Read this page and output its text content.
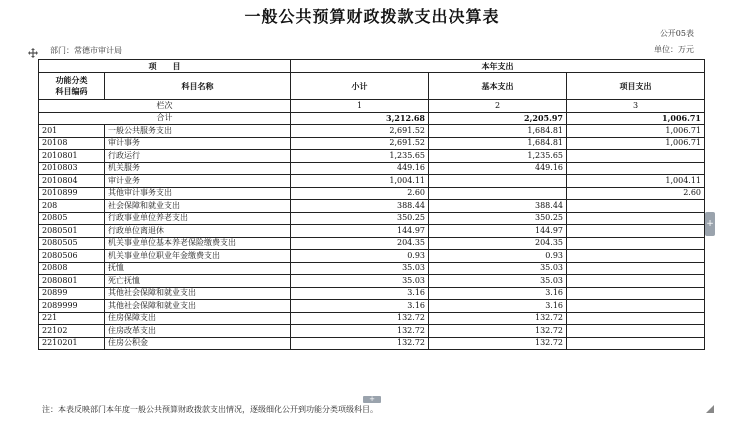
一般公共预算财政拨款支出决算表
公开05表
单位：万元
部门：常德市审计局
项　　目		本年支出		

功能分类
科目编码	科目名称	小计	基本支出	项目支出
栏次		1	2	3
合计		3,212.68	2,205.97	1,006.71
201	一般公共服务支出	2,691.52	1,684.81	1,006.71
20108	审计事务	2,691.52	1,684.81	1,006.71
2010801	行政运行	1,235.65	1,235.65	
2010803	机关服务	449.16	449.16	
2010804	审计业务	1,004.11		1,004.11
2010899	其他审计事务支出	2.60		2.60
208	社会保障和就业支出	388.44	388.44	
20805	行政事业单位养老支出	350.25	350.25	
2080501	行政单位离退休	144.97	144.97	
2080505	机关事业单位基本养老保险缴费支出	204.35	204.35	
2080506	机关事业单位职业年金缴费支出	0.93	0.93	
20808	抚恤	35.03	35.03	
2080801	死亡抚恤	35.03	35.03	
20899	其他社会保障和就业支出	3.16	3.16	
2089999	其他社会保障和就业支出	3.16	3.16	
221	住房保障支出	132.72	132.72	
22102	住房改革支出	132.72	132.72	
2210201	住房公积金	132.72	132.72	
注：本表反映部门本年度一般公共预算财政拨款支出情况，逐级细化公开到功能分类项级科目。
+
+
